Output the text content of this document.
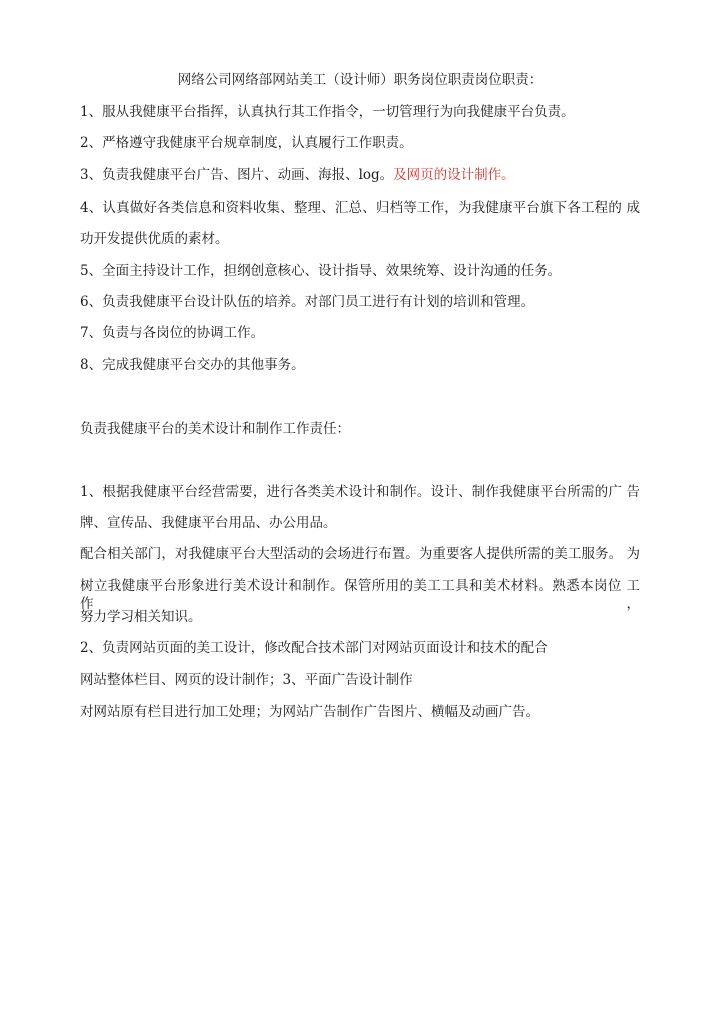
网络公司网络部网站美工（设计师）职务岗位职责岗位职责：
1、服从我健康平台指挥，认真执行其工作指令，一切管理行为向我健康平台负责。
2、严格遵守我健康平台规章制度，认真履行工作职责。
3、负责我健康平台广告、图片、动画、海报、log。及网页的设计制作。
4、认真做好各类信息和资料收集、整理、汇总、归档等工作，为我健康平台旗下各工程的 成
功开发提供优质的素材。
5、全面主持设计工作，担纲创意核心、设计指导、效果统筹、设计沟通的任务。
6、负责我健康平台设计队伍的培养。对部门员工进行有计划的培训和管理。
7、负责与各岗位的协调工作。
8、完成我健康平台交办的其他事务。
负责我健康平台的美术设计和制作工作责任：
1、根据我健康平台经营需要，进行各类美术设计和制作。设计、制作我健康平台所需的广 告
牌、宣传品、我健康平台用品、办公用品。
配合相关部门，对我健康平台大型活动的会场进行布置。为重要客人提供所需的美工服务。 为
树立我健康平台形象进行美术设计和制作。保管所用的美工工具和美术材料。熟悉本岗位 工作，
努力学习相关知识。
2、负责网站页面的美工设计，修改配合技术部门对网站页面设计和技术的配合
网站整体栏目、网页的设计制作；3、平面广告设计制作
对网站原有栏目进行加工处理；为网站广告制作广告图片、横幅及动画广告。
